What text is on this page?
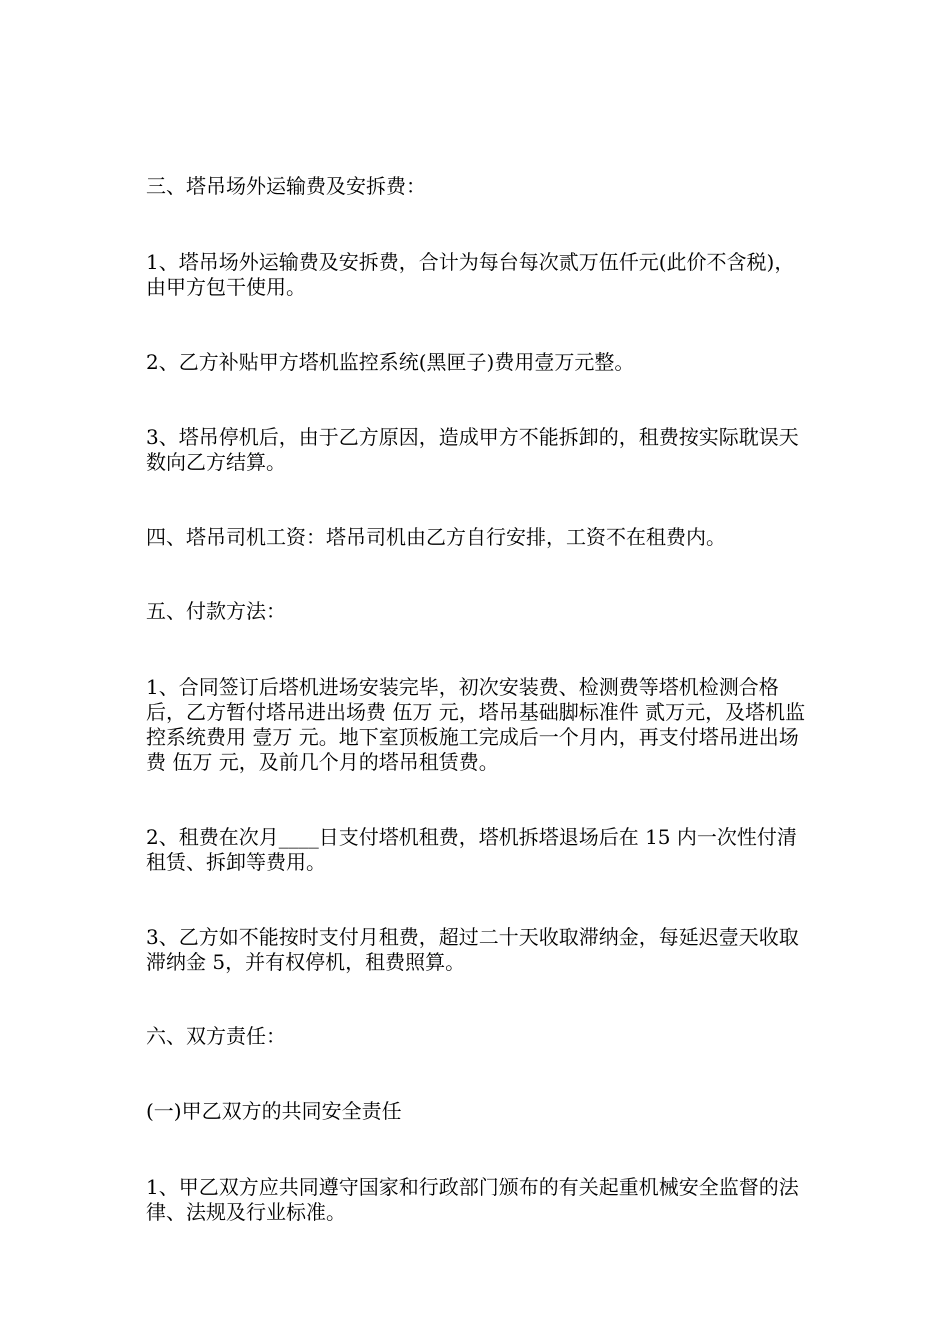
三、塔吊场外运输费及安拆费：

1、塔吊场外运输费及安拆费，合计为每台每次贰万伍仟元(此价不含税)，由甲方包干使用。

2、乙方补贴甲方塔机监控系统(黑匣子)费用壹万元整。

3、塔吊停机后，由于乙方原因，造成甲方不能拆卸的，租费按实际耽误天数向乙方结算。

四、塔吊司机工资：塔吊司机由乙方自行安排，工资不在租费内。

五、付款方法：

1、合同签订后塔机进场安装完毕，初次安装费、检测费等塔机检测合格后，乙方暂付塔吊进出场费 伍万 元，塔吊基础脚标准件 贰万元，及塔机监控系统费用 壹万 元。地下室顶板施工完成后一个月内，再支付塔吊进出场费 伍万 元，及前几个月的塔吊租赁费。

2、租费在次月____日支付塔机租费，塔机拆塔退场后在 15 内一次性付清租赁、拆卸等费用。

3、乙方如不能按时支付月租费，超过二十天收取滞纳金，每延迟壹天收取滞纳金 5，并有权停机，租费照算。

六、双方责任：

(一)甲乙双方的共同安全责任

1、甲乙双方应共同遵守国家和行政部门颁布的有关起重机械安全监督的法律、法规及行业标准。
